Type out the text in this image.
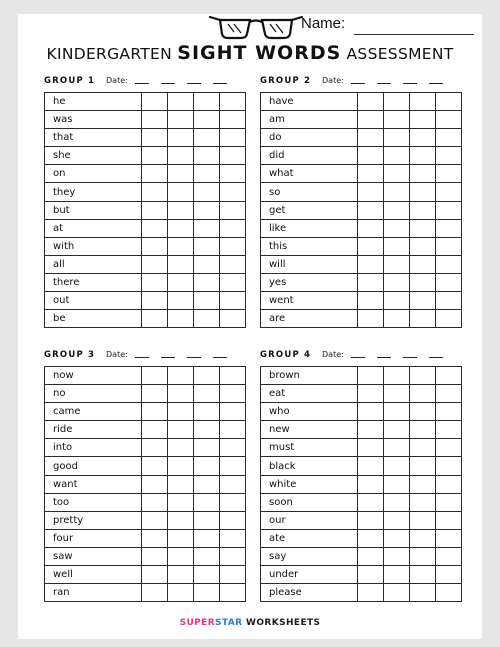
Name:
KINDERGARTEN SIGHT WORDS ASSESSMENT
GROUP 1 Date:
he				
was				
that				
she				
on				
they				
but				
at				
with				
all				
there				
out				
be				
GROUP 2 Date:
have				
am				
do				
did				
what				
so				
get				
like				
this				
will				
yes				
went				
are				
GROUP 3 Date:
now				
no				
came				
ride				
into				
good				
want				
too				
pretty				
four				
saw				
well				
ran				
GROUP 4 Date:
brown				
eat				
who				
new				
must				
black				
white				
soon				
our				
ate				
say				
under				
please				
SUPERSTAR WORKSHEETS
